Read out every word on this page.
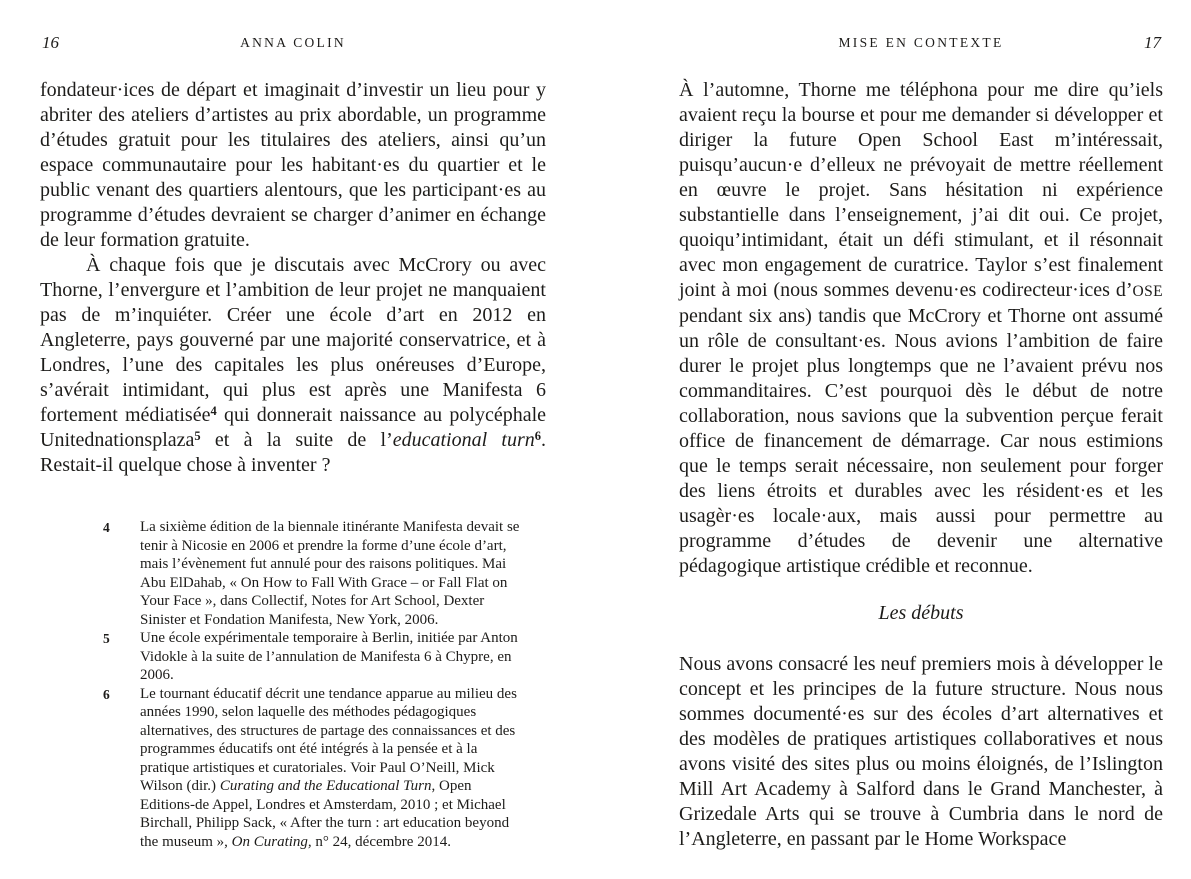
16	ANNA COLIN

fondateur·ices de départ et imaginait d’investir un lieu pour y abriter des ateliers d’artistes au prix abordable, un programme d’études gratuit pour les titulaires des ateliers, ainsi qu’un espace communautaire pour les habitant·es du quartier et le public venant des quartiers alentours, que les participant·es au programme d’études devraient se charger d’animer en échange de leur formation gratuite.

À chaque fois que je discutais avec McCrory ou avec Thorne, l’envergure et l’ambition de leur projet ne manquaient pas de m’inquiéter. Créer une école d’art en 2012 en Angleterre, pays gouverné par une majorité conservatrice, et à Londres, l’une des capitales les plus onéreuses d’Europe, s’avérait intimidant, qui plus est après une Manifesta 6 fortement médiatisée$^4$ qui donnerait naissance au polycéphale Unitednationsplaza$^5$ et à la suite de l’educational turn$^6$. Restait-il quelque chose à inventer ?

4	La sixième édition de la biennale itinérante Manifesta devait se tenir à Nicosie en 2006 et prendre la forme d’une école d’art, mais l’évènement fut annulé pour des raisons politiques. Mai Abu ElDahab, « On How to Fall With Grace – or Fall Flat on Your Face », dans Collectif, Notes for Art School, Dexter Sinister et Fondation Manifesta, New York, 2006.
5	Une école expérimentale temporaire à Berlin, initiée par Anton Vidokle à la suite de l’annulation de Manifesta 6 à Chypre, en 2006.
6	Le tournant éducatif décrit une tendance apparue au milieu des années 1990, selon laquelle des méthodes pédagogiques alternatives, des structures de partage des connaissances et des programmes éducatifs ont été intégrés à la pensée et à la pratique artistiques et curatoriales. Voir Paul O’Neill, Mick Wilson (dir.) Curating and the Educational Turn, Open Editions-de Appel, Londres et Amsterdam, 2010 ; et Michael Birchall, Philipp Sack, « After the turn : art education beyond the museum », On Curating, n° 24, décembre 2014.
MISE EN CONTEXTE	17

À l’automne, Thorne me téléphona pour me dire qu’iels avaient reçu la bourse et pour me demander si développer et diriger la future Open School East m’intéressait, puisqu’aucun·e d’elleux ne prévoyait de mettre réellement en œuvre le projet. Sans hésitation ni expérience substantielle dans l’enseignement, j’ai dit oui. Ce projet, quoiqu’intimidant, était un défi stimulant, et il résonnait avec mon engagement de curatrice. Taylor s’est finalement joint à moi (nous sommes devenu·es codirecteur·ices d’OSE pendant six ans) tandis que McCrory et Thorne ont assumé un rôle de consultant·es. Nous avions l’ambition de faire durer le projet plus longtemps que ne l’avaient prévu nos commanditaires. C’est pourquoi dès le début de notre collaboration, nous savions que la subvention perçue ferait office de financement de démarrage. Car nous estimions que le temps serait nécessaire, non seulement pour forger des liens étroits et durables avec les résident·es et les usagèr·es locale·aux, mais aussi pour permettre au programme d’études de devenir une alternative pédagogique artistique crédible et reconnue.

Les débuts

Nous avons consacré les neuf premiers mois à développer le concept et les principes de la future structure. Nous nous sommes documenté·es sur des écoles d’art alternatives et des modèles de pratiques artistiques collaboratives et nous avons visité des sites plus ou moins éloignés, de l’Islington Mill Art Academy à Salford dans le Grand Manchester, à Grizedale Arts qui se trouve à Cumbria dans le nord de l’Angleterre, en passant par le Home Workspace
